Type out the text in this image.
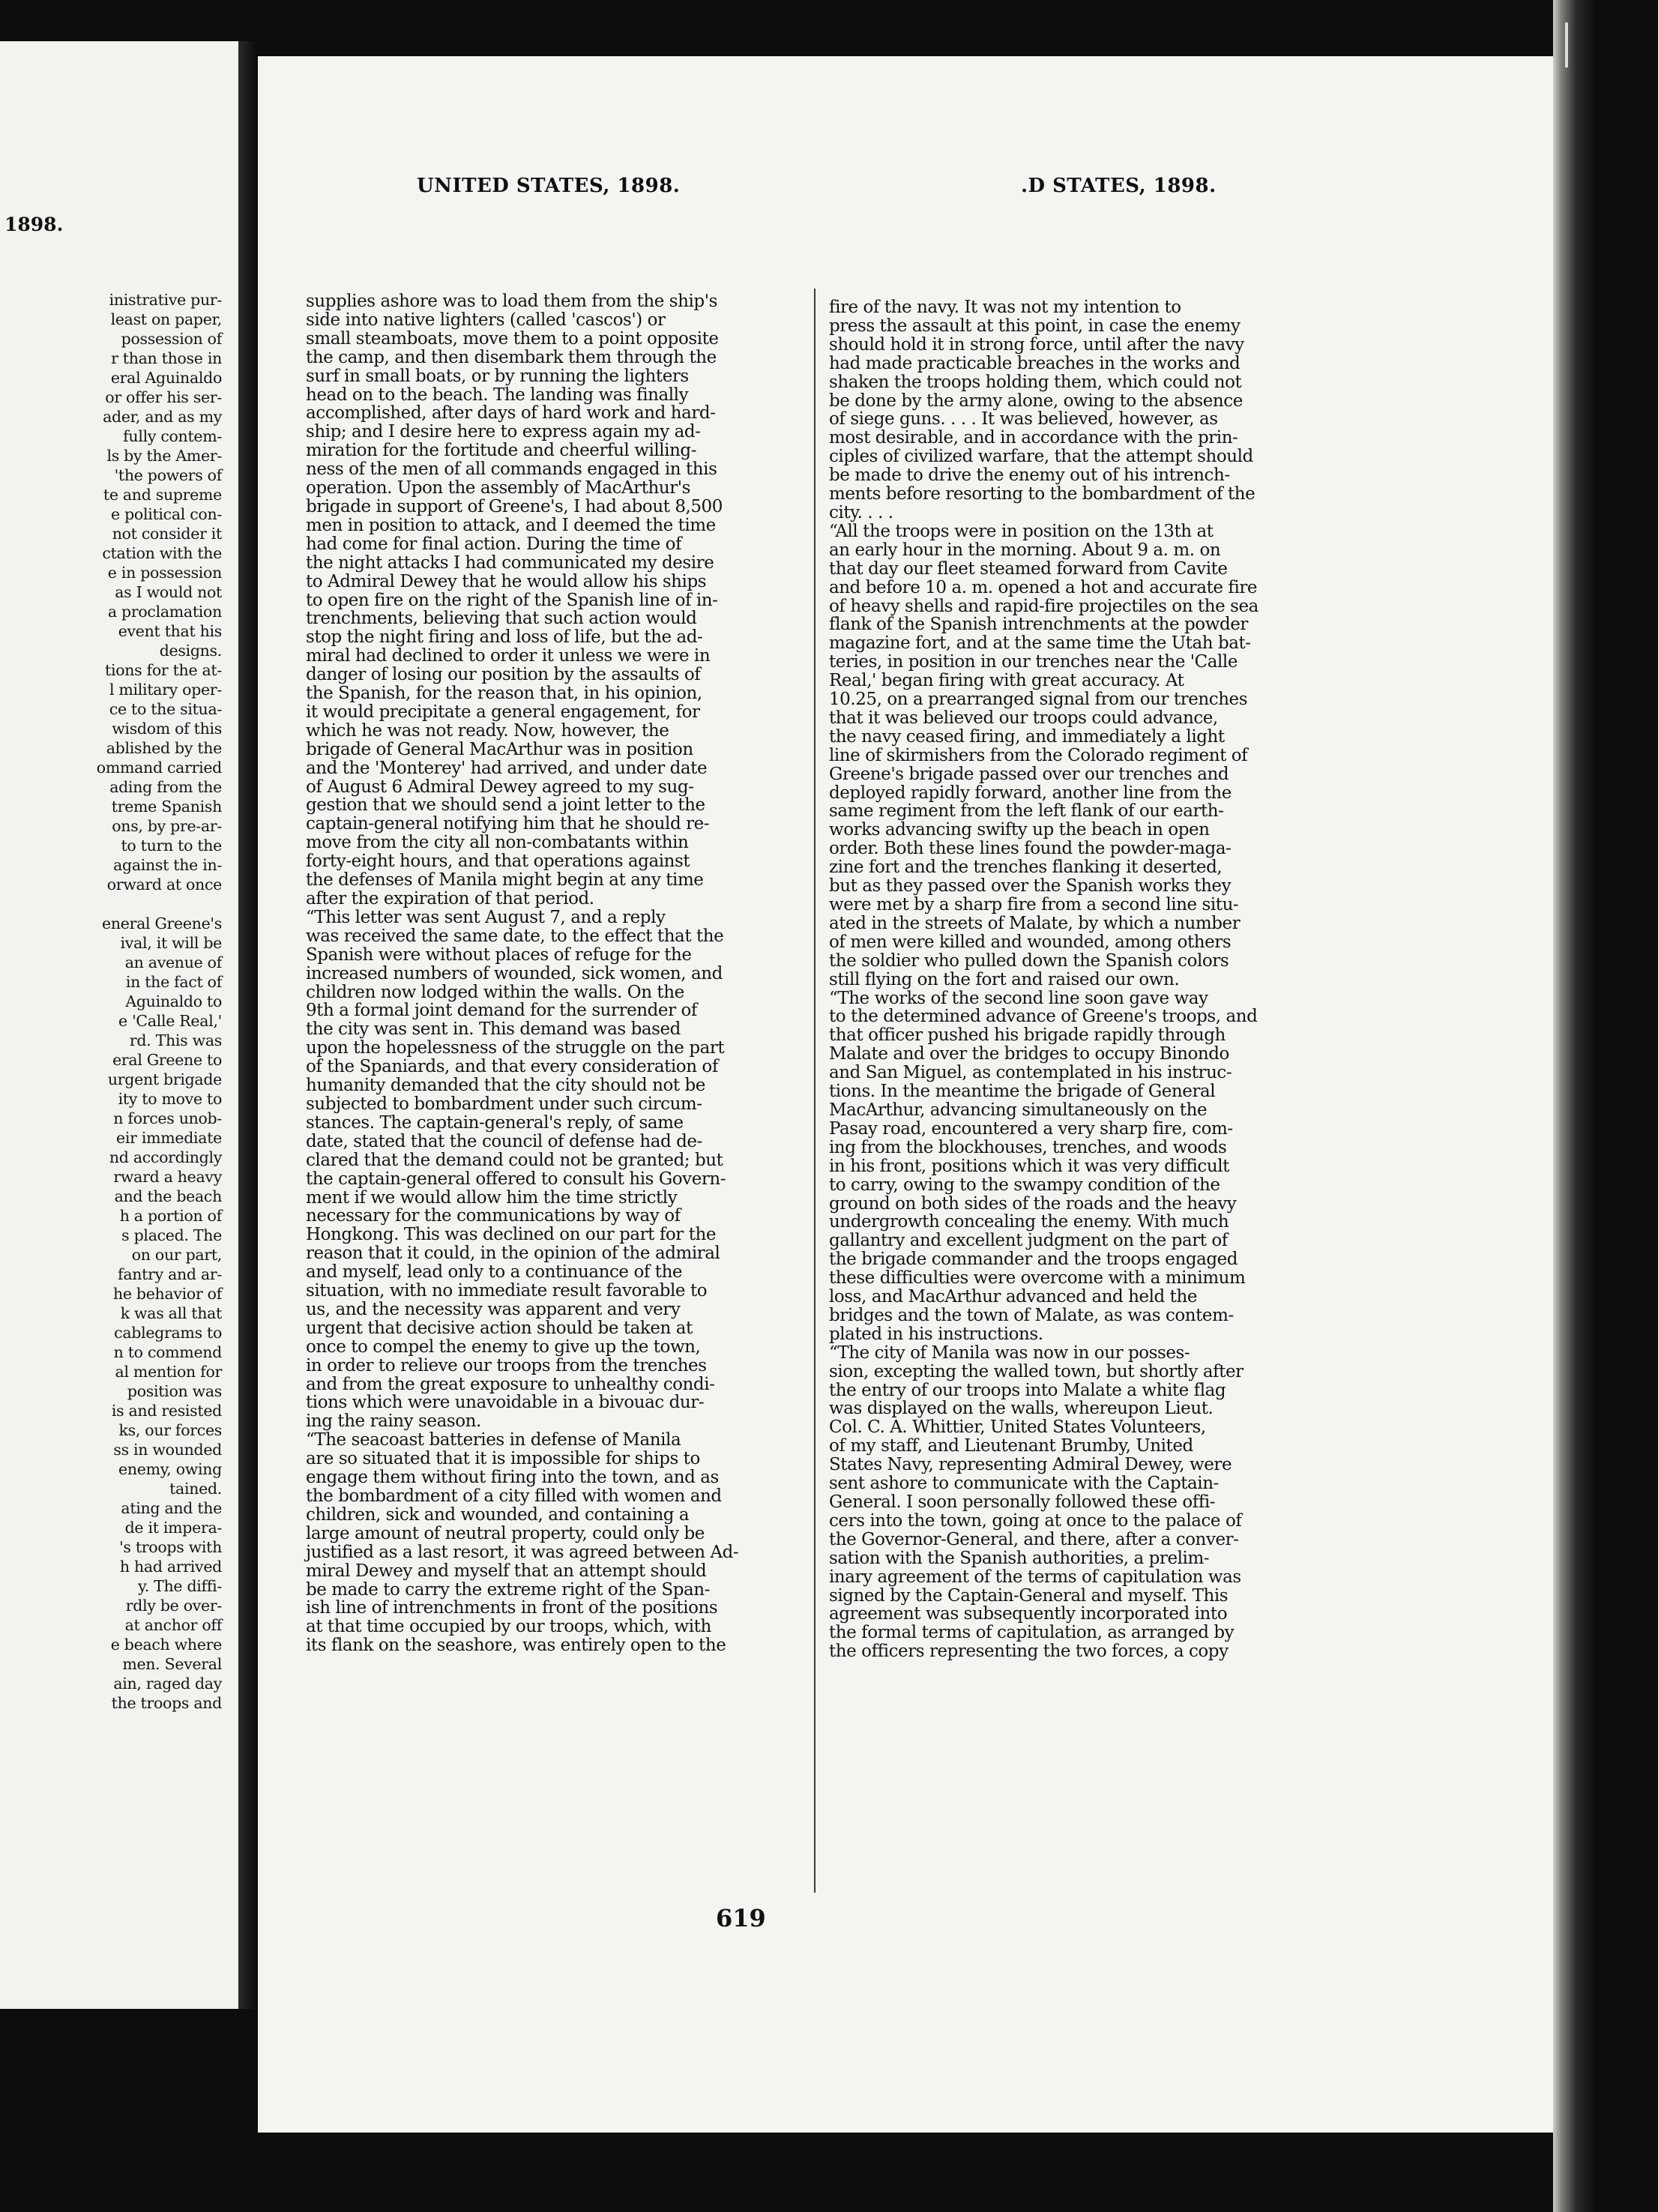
1898.
inistrative pur-
least on paper,
possession of
r than those in
eral Aguinaldo
or offer his ser-
ader, and as my
fully contem-
ls by the Amer-
'the powers of
te and supreme
e political con-
not consider it
ctation with the
e in possession
as I would not
a proclamation
event that his
designs.
tions for the at-
l military oper-
ce to the situa-
wisdom of this
ablished by the
ommand carried
ading from the
treme Spanish
ons, by pre-ar-
to turn to the
against the in-
orward at once

eneral Greene's
ival, it will be
an avenue of
in the fact of
Aguinaldo to
e 'Calle Real,'
rd. This was
eral Greene to
urgent brigade
ity to move to
n forces unob-
eir immediate
nd accordingly
rward a heavy
and the beach
h a portion of
s placed. The
on our part,
fantry and ar-
he behavior of
k was all that
cablegrams to
n to commend
al mention for
position was
is and resisted
ks, our forces
ss in wounded
enemy, owing
tained.
ating and the
de it impera-
's troops with
h had arrived
y. The diffi-
rdly be over-
at anchor off
e beach where
men. Several
ain, raged day
the troops and
UNITED STATES, 1898.	.D STATES, 1898.
supplies ashore was to load them from the ship's
side into native lighters (called 'cascos') or
small steamboats, move them to a point opposite
the camp, and then disembark them through the
surf in small boats, or by running the lighters
head on to the beach. The landing was finally
accomplished, after days of hard work and hard-
ship; and I desire here to express again my ad-
miration for the fortitude and cheerful willing-
ness of the men of all commands engaged in this
operation. Upon the assembly of MacArthur's
brigade in support of Greene's, I had about 8,500
men in position to attack, and I deemed the time
had come for final action. During the time of
the night attacks I had communicated my desire
to Admiral Dewey that he would allow his ships
to open fire on the right of the Spanish line of in-
trenchments, believing that such action would
stop the night firing and loss of life, but the ad-
miral had declined to order it unless we were in
danger of losing our position by the assaults of
the Spanish, for the reason that, in his opinion,
it would precipitate a general engagement, for
which he was not ready. Now, however, the
brigade of General MacArthur was in position
and the 'Monterey' had arrived, and under date
of August 6 Admiral Dewey agreed to my sug-
gestion that we should send a joint letter to the
captain-general notifying him that he should re-
move from the city all non-combatants within
forty-eight hours, and that operations against
the defenses of Manila might begin at any time
after the expiration of that period.
“This letter was sent August 7, and a reply
was received the same date, to the effect that the
Spanish were without places of refuge for the
increased numbers of wounded, sick women, and
children now lodged within the walls. On the
9th a formal joint demand for the surrender of
the city was sent in. This demand was based
upon the hopelessness of the struggle on the part
of the Spaniards, and that every consideration of
humanity demanded that the city should not be
subjected to bombardment under such circum-
stances. The captain-general's reply, of same
date, stated that the council of defense had de-
clared that the demand could not be granted; but
the captain-general offered to consult his Govern-
ment if we would allow him the time strictly
necessary for the communications by way of
Hongkong. This was declined on our part for the
reason that it could, in the opinion of the admiral
and myself, lead only to a continuance of the
situation, with no immediate result favorable to
us, and the necessity was apparent and very
urgent that decisive action should be taken at
once to compel the enemy to give up the town,
in order to relieve our troops from the trenches
and from the great exposure to unhealthy condi-
tions which were unavoidable in a bivouac dur-
ing the rainy season.
“The seacoast batteries in defense of Manila
are so situated that it is impossible for ships to
engage them without firing into the town, and as
the bombardment of a city filled with women and
children, sick and wounded, and containing a
large amount of neutral property, could only be
justified as a last resort, it was agreed between Ad-
miral Dewey and myself that an attempt should
be made to carry the extreme right of the Span-
ish line of intrenchments in front of the positions
at that time occupied by our troops, which, with
its flank on the seashore, was entirely open to the
fire of the navy. It was not my intention to
press the assault at this point, in case the enemy
should hold it in strong force, until after the navy
had made practicable breaches in the works and
shaken the troops holding them, which could not
be done by the army alone, owing to the absence
of siege guns. . . . It was believed, however, as
most desirable, and in accordance with the prin-
ciples of civilized warfare, that the attempt should
be made to drive the enemy out of his intrench-
ments before resorting to the bombardment of the
city. . . .
“All the troops were in position on the 13th at
an early hour in the morning. About 9 a. m. on
that day our fleet steamed forward from Cavite
and before 10 a. m. opened a hot and accurate fire
of heavy shells and rapid-fire projectiles on the sea
flank of the Spanish intrenchments at the powder
magazine fort, and at the same time the Utah bat-
teries, in position in our trenches near the 'Calle
Real,' began firing with great accuracy. At
10.25, on a prearranged signal from our trenches
that it was believed our troops could advance,
the navy ceased firing, and immediately a light
line of skirmishers from the Colorado regiment of
Greene's brigade passed over our trenches and
deployed rapidly forward, another line from the
same regiment from the left flank of our earth-
works advancing swifty up the beach in open
order. Both these lines found the powder-maga-
zine fort and the trenches flanking it deserted,
but as they passed over the Spanish works they
were met by a sharp fire from a second line situ-
ated in the streets of Malate, by which a number
of men were killed and wounded, among others
the soldier who pulled down the Spanish colors
still flying on the fort and raised our own.
“The works of the second line soon gave way
to the determined advance of Greene's troops, and
that officer pushed his brigade rapidly through
Malate and over the bridges to occupy Binondo
and San Miguel, as contemplated in his instruc-
tions. In the meantime the brigade of General
MacArthur, advancing simultaneously on the
Pasay road, encountered a very sharp fire, com-
ing from the blockhouses, trenches, and woods
in his front, positions which it was very difficult
to carry, owing to the swampy condition of the
ground on both sides of the roads and the heavy
undergrowth concealing the enemy. With much
gallantry and excellent judgment on the part of
the brigade commander and the troops engaged
these difficulties were overcome with a minimum
loss, and MacArthur advanced and held the
bridges and the town of Malate, as was contem-
plated in his instructions.
“The city of Manila was now in our posses-
sion, excepting the walled town, but shortly after
the entry of our troops into Malate a white flag
was displayed on the walls, whereupon Lieut.
Col. C. A. Whittier, United States Volunteers,
of my staff, and Lieutenant Brumby, United
States Navy, representing Admiral Dewey, were
sent ashore to communicate with the Captain-
General. I soon personally followed these offi-
cers into the town, going at once to the palace of
the Governor-General, and there, after a conver-
sation with the Spanish authorities, a prelim-
inary agreement of the terms of capitulation was
signed by the Captain-General and myself. This
agreement was subsequently incorporated into
the formal terms of capitulation, as arranged by
the officers representing the two forces, a copy
619
